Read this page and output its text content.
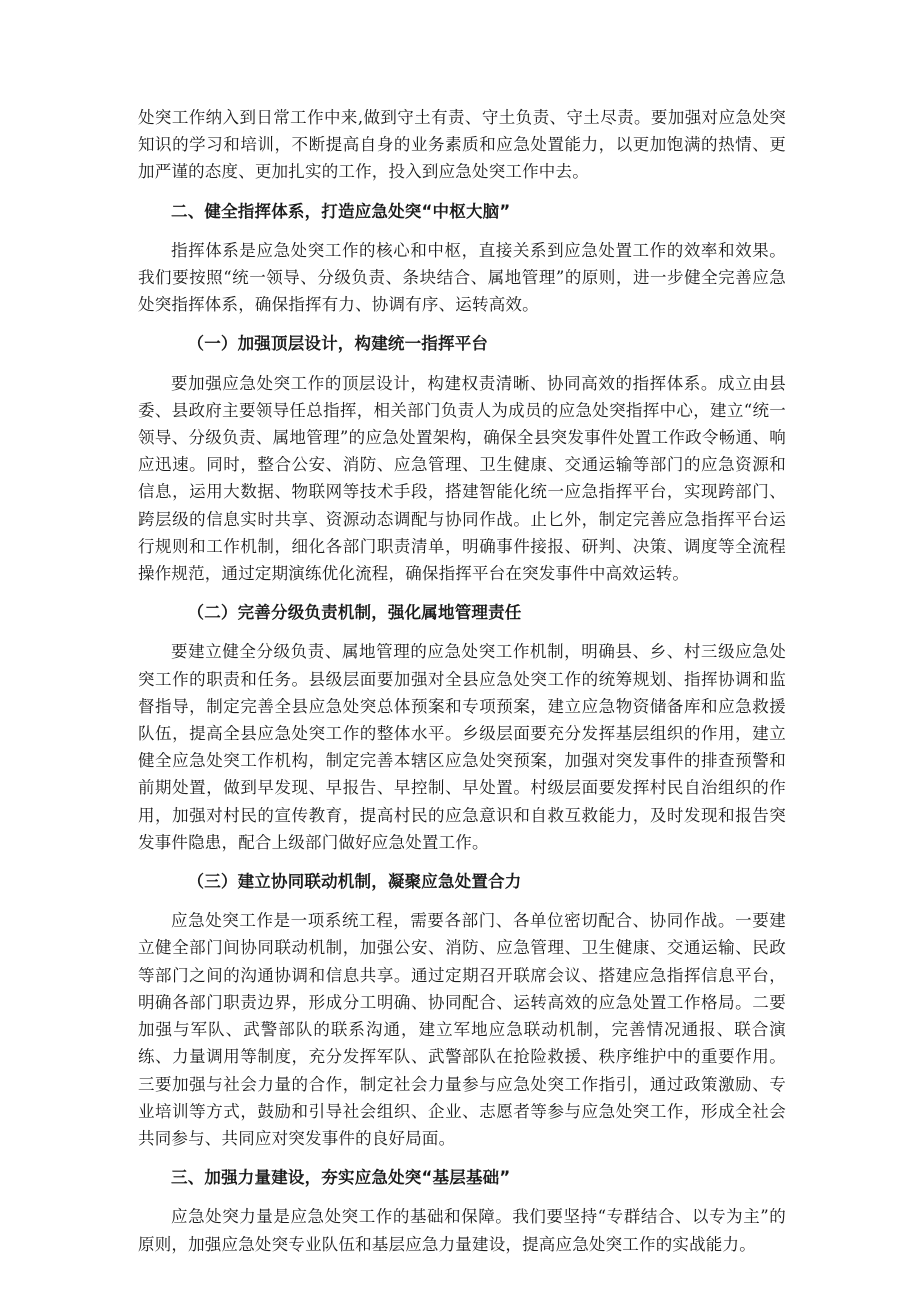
处突工作纳入到日常工作中来,做到守土有责、守土负责、守土尽责。要加强对应急处突知识的学习和培训，不断提高自身的业务素质和应急处置能力，以更加饱满的热情、更加严谨的态度、更加扎实的工作，投入到应急处突工作中去。

二、健全指挥体系，打造应急处突“中枢大脑”

指挥体系是应急处突工作的核心和中枢，直接关系到应急处置工作的效率和效果。我们要按照“统一领导、分级负责、条块结合、属地管理”的原则，进一步健全完善应急处突指挥体系，确保指挥有力、协调有序、运转高效。

（一）加强顶层设计，构建统一指挥平台

要加强应急处突工作的顶层设计，构建权责清晰、协同高效的指挥体系。成立由县委、县政府主要领导任总指挥，相关部门负责人为成员的应急处突指挥中心，建立“统一领导、分级负责、属地管理”的应急处置架构，确保全县突发事件处置工作政令畅通、响应迅速。同时，整合公安、消防、应急管理、卫生健康、交通运输等部门的应急资源和信息，运用大数据、物联网等技术手段，搭建智能化统一应急指挥平台，实现跨部门、跨层级的信息实时共享、资源动态调配与协同作战。止匕外，制定完善应急指挥平台运行规则和工作机制，细化各部门职责清单，明确事件接报、研判、决策、调度等全流程操作规范，通过定期演练优化流程，确保指挥平台在突发事件中高效运转。

（二）完善分级负责机制，强化属地管理责任

要建立健全分级负责、属地管理的应急处突工作机制，明确县、乡、村三级应急处突工作的职责和任务。县级层面要加强对全县应急处突工作的统筹规划、指挥协调和监督指导，制定完善全县应急处突总体预案和专项预案，建立应急物资储备库和应急救援队伍，提高全县应急处突工作的整体水平。乡级层面要充分发挥基层组织的作用，建立健全应急处突工作机构，制定完善本辖区应急处突预案，加强对突发事件的排查预警和前期处置，做到早发现、早报告、早控制、早处置。村级层面要发挥村民自治组织的作用，加强对村民的宣传教育，提高村民的应急意识和自救互救能力，及时发现和报告突发事件隐患，配合上级部门做好应急处置工作。

（三）建立协同联动机制，凝聚应急处置合力

应急处突工作是一项系统工程，需要各部门、各单位密切配合、协同作战。一要建立健全部门间协同联动机制，加强公安、消防、应急管理、卫生健康、交通运输、民政等部门之间的沟通协调和信息共享。通过定期召开联席会议、搭建应急指挥信息平台，明确各部门职责边界，形成分工明确、协同配合、运转高效的应急处置工作格局。二要加强与军队、武警部队的联系沟通，建立军地应急联动机制，完善情况通报、联合演练、力量调用等制度，充分发挥军队、武警部队在抢险救援、秩序维护中的重要作用。三要加强与社会力量的合作，制定社会力量参与应急处突工作指引，通过政策激励、专业培训等方式，鼓励和引导社会组织、企业、志愿者等参与应急处突工作，形成全社会共同参与、共同应对突发事件的良好局面。

三、加强力量建设，夯实应急处突“基层基础”

应急处突力量是应急处突工作的基础和保障。我们要坚持“专群结合、以专为主”的原则，加强应急处突专业队伍和基层应急力量建设，提高应急处突工作的实战能力。
